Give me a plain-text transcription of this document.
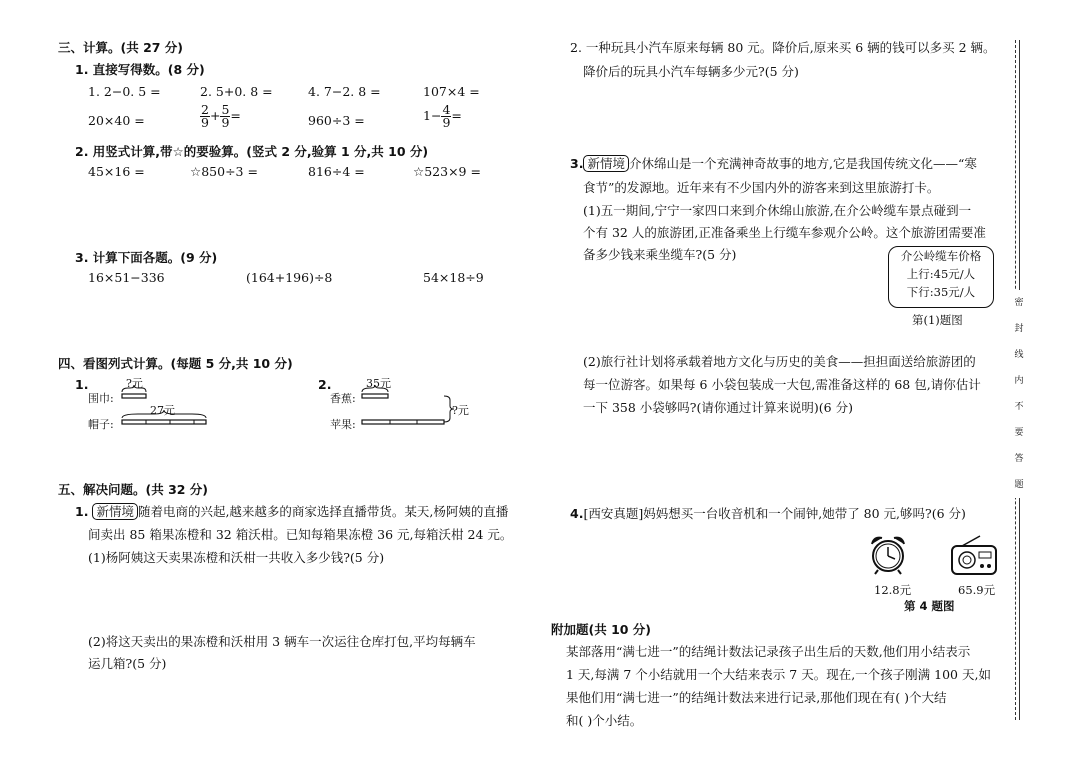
三、计算。(共 27 分)
1. 直接写得数。(8 分)
1. 2−0. 5 =	2. 5+0. 8 =	4. 7−2. 8 =	107×4 =
20×40 =	$\frac{2}{9} + \frac{5}{9}$ =	960÷3 =	$1- \frac{4}{9}$ =
2. 用竖式计算,带☆的要验算。(竖式 2 分,验算 1 分,共 10 分)
45×16 =	☆850÷3 =	816÷4 =	☆523×9 =
3. 计算下面各题。(9 分)
16×51−336	(164+196)÷8	54×18÷9
四、看图列式计算。(每题 5 分,共 10 分)
1.	?元
围巾:
27元
帽子:
2.	35元
香蕉:
苹果:
?元
五、解决问题。(共 32 分)
1. 新情境 随着电商的兴起,越来越多的商家选择直播带货。某天,杨阿姨的直播
间卖出 85 箱果冻橙和 32 箱沃柑。已知每箱果冻橙 36 元,每箱沃柑 24 元。
(1)杨阿姨这天卖果冻橙和沃柑一共收入多少钱?(5 分)
(2)将这天卖出的果冻橙和沃柑用 3 辆车一次运往仓库打包,平均每辆车
运几箱?(5 分)
2. 一种玩具小汽车原来每辆 80 元。降价后,原来买 6 辆的钱可以多买 2 辆。
降价后的玩具小汽车每辆多少元?(5 分)
3. 新情境 介休绵山是一个充满神奇故事的地方,它是我国传统文化——“寒
食节”的发源地。近年来有不少国内外的游客来到这里旅游打卡。
(1)五一期间,宁宁一家四口来到介休绵山旅游,在介公岭缆车景点碰到一
个有 32 人的旅游团,正准备乘坐上行缆车参观介公岭。这个旅游团需要准
备多少钱来乘坐缆车?(5 分)	介公岭缆车价格
上行:45元/人
下行:35元/人
第(1)题图
(2)旅行社计划将承载着地方文化与历史的美食——担担面送给旅游团的
每一位游客。如果每 6 小袋包装成一大包,需准备这样的 68 包,请你估计
一下 358 小袋够吗?(请你通过计算来说明)(6 分)
4.[西安真题]妈妈想买一台收音机和一个闹钟,她带了 80 元,够吗?(6 分)
12.8元	65.9元
第 4 题图
附加题(共 10 分)
某部落用“满七进一”的结绳计数法记录孩子出生后的天数,他们用小结表示
1 天,每满 7 个小结就用一个大结来表示 7 天。现在,一个孩子刚满 100 天,如
果他们用“满七进一”的结绳计数法来进行记录,那他们现在有( )个大结
和( )个小结。
密
封
线
内
不
要
答
题
